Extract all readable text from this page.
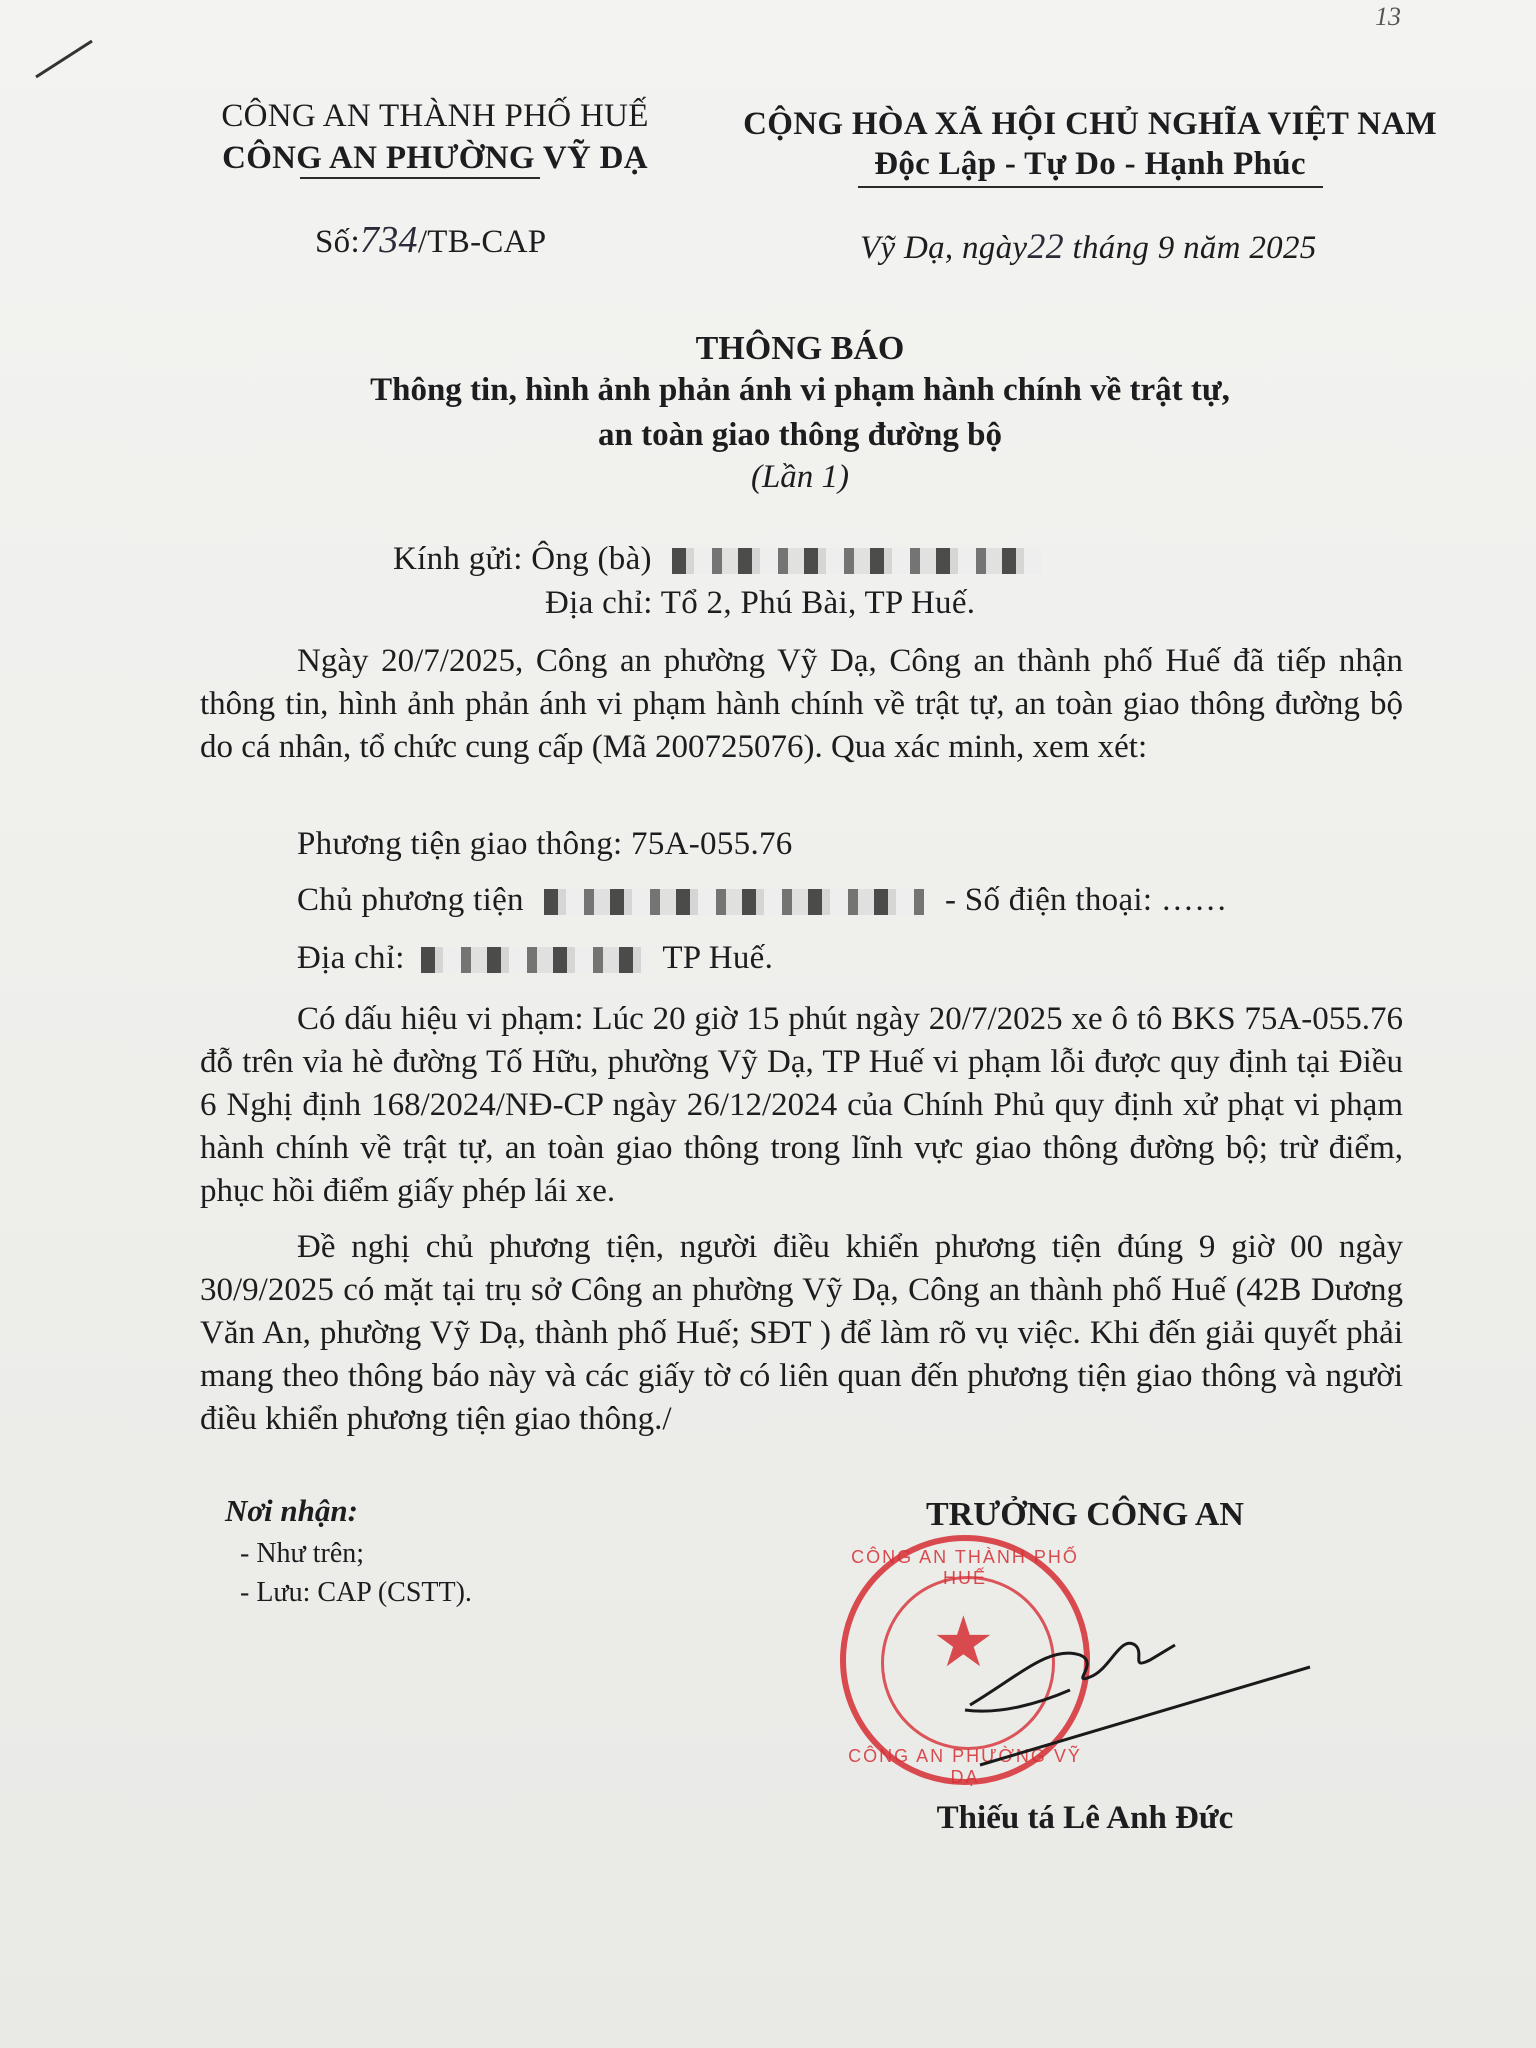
13
CÔNG AN THÀNH PHỐ HUẾ
CÔNG AN PHƯỜNG VỸ DẠ
Số:734/TB-CAP
CỘNG HÒA XÃ HỘI CHỦ NGHĨA VIỆT NAM
Độc Lập - Tự Do - Hạnh Phúc
Vỹ Dạ, ngày22 tháng 9 năm 2025
THÔNG BÁO
Thông tin, hình ảnh phản ánh vi phạm hành chính về trật tự,
an toàn giao thông đường bộ
(Lần 1)
Kính gửi: Ông (bà)
Địa chỉ: Tổ 2, Phú Bài, TP Huế.
Ngày 20/7/2025, Công an phường Vỹ Dạ, Công an thành phố Huế đã tiếp nhận thông tin, hình ảnh phản ánh vi phạm hành chính về trật tự, an toàn giao thông đường bộ do cá nhân, tổ chức cung cấp (Mã 200725076). Qua xác minh, xem xét:
Phương tiện giao thông: 75A-055.76
Chủ phương tiện	- Số điện thoại: ……
Địa chỉ:	TP Huế.
Có dấu hiệu vi phạm: Lúc 20 giờ 15 phút ngày 20/7/2025 xe ô tô BKS 75A-055.76 đỗ trên vỉa hè đường Tố Hữu, phường Vỹ Dạ, TP Huế vi phạm lỗi được quy định tại Điều 6 Nghị định 168/2024/NĐ-CP ngày 26/12/2024 của Chính Phủ quy định xử phạt vi phạm hành chính về trật tự, an toàn giao thông trong lĩnh vực giao thông đường bộ; trừ điểm, phục hồi điểm giấy phép lái xe.
Đề nghị chủ phương tiện, người điều khiển phương tiện đúng 9 giờ 00 ngày 30/9/2025 có mặt tại trụ sở Công an phường Vỹ Dạ, Công an thành phố Huế (42B Dương Văn An, phường Vỹ Dạ, thành phố Huế; SĐT ) để làm rõ vụ việc. Khi đến giải quyết phải mang theo thông báo này và các giấy tờ có liên quan đến phương tiện giao thông và người điều khiển phương tiện giao thông./
Nơi nhận:
- Như trên;
- Lưu: CAP (CSTT).
TRƯỞNG CÔNG AN
CÔNG AN THÀNH PHỐ HUẾ
★
CÔNG AN PHƯỜNG VỸ DẠ
Thiếu tá Lê Anh Đức
